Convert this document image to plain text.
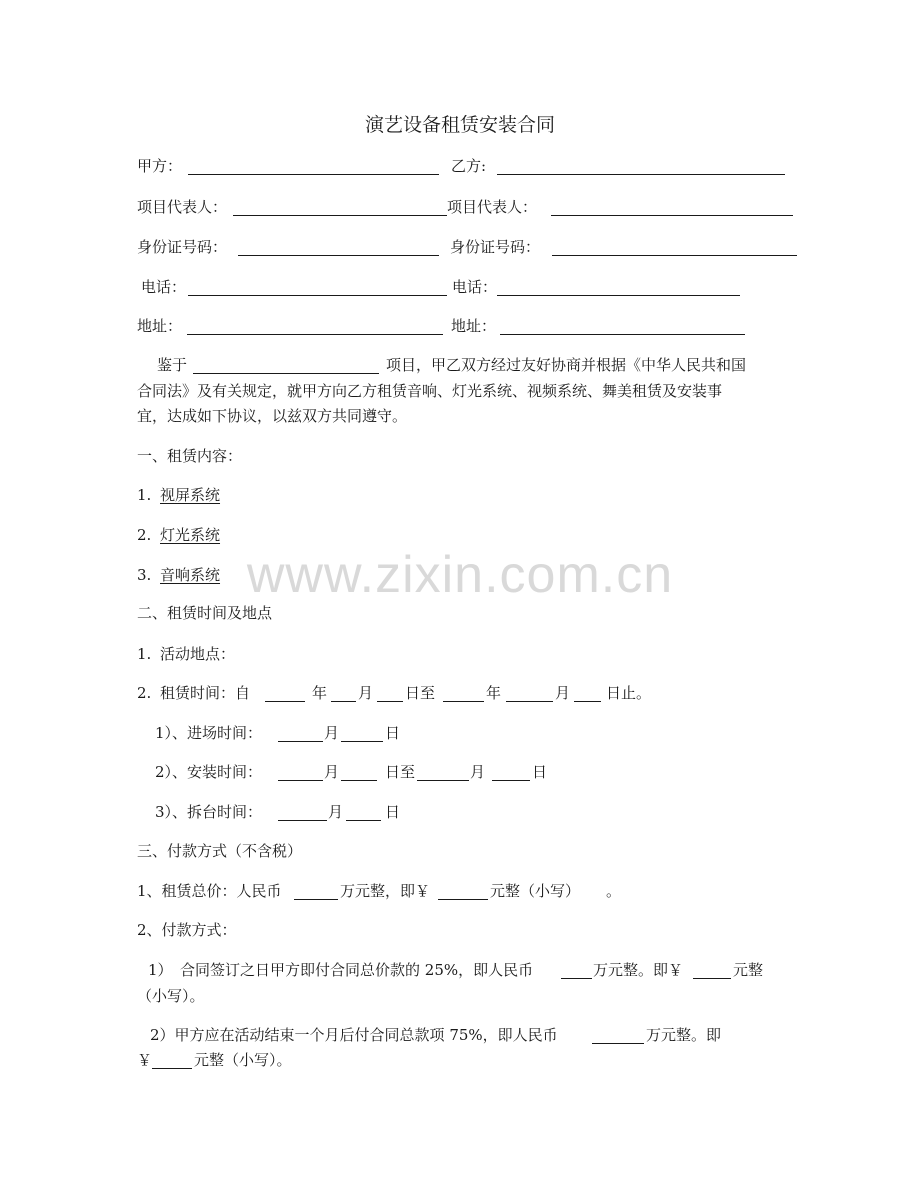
www.zixin.com.cn
演艺设备租赁安装合同
甲方：	乙方:
项目代表人：	项目代表人：
身份证号码：	身份证号码：
电话：	电话：
地址：	地址：
鉴于	项目，甲乙双方经过友好协商并根据《中华人民共和国
合同法》及有关规定，就甲方向乙方租赁音响、灯光系统、视频系统、舞美租赁及安装事
宜，达成如下协议，以兹双方共同遵守。
一、租赁内容：
1. 视屏系统
2. 灯光系统
3. 音响系统
二、租赁时间及地点
1. 活动地点：
2. 租赁时间：自	年 月 日至	年	月 日止。
1）、进场时间：	月	日
2）、安装时间：	月	日至	月	日
3）、拆台时间：	月	日
三、付款方式（不含税）
1、租赁总价：人民币	万元整，即￥	元整（小写） 。
2、付款方式：
1） 合同签订之日甲方即付合同总价款的 25%，即人民币	万元整。即￥	元整
（小写）。
2）甲方应在活动结束一个月后付合同总款项 75%，即人民币	万元整。即
￥	元整（小写）。
